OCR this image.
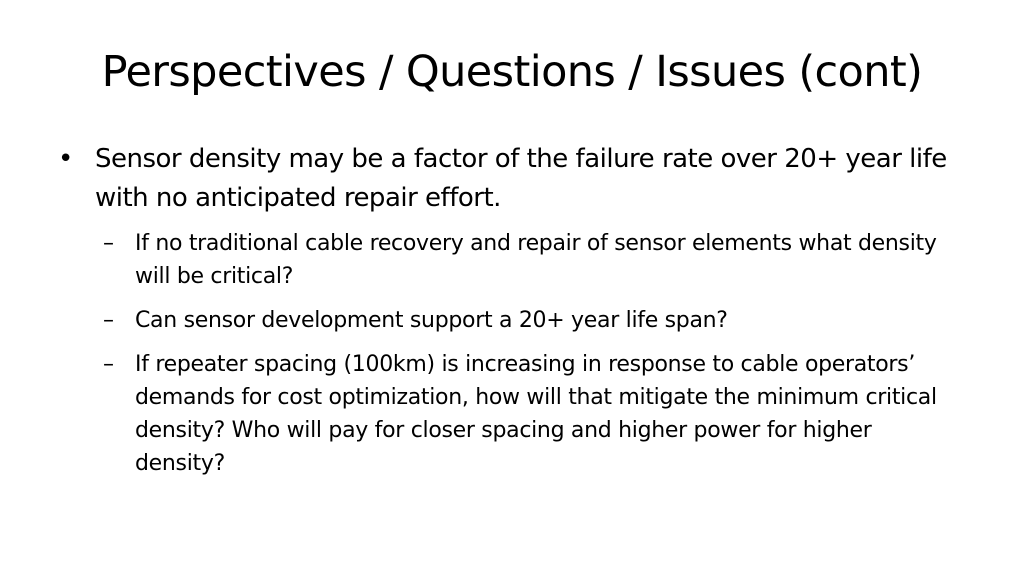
Perspectives / Questions / Issues (cont)
• Sensor density may be a factor of the failure rate over 20+ year life with no anticipated repair effort.
– If no traditional cable recovery and repair of sensor elements what density will be critical?
– Can sensor development support a 20+ year life span?
– If repeater spacing (100km) is increasing in response to cable operators’ demands for cost optimization, how will that mitigate the minimum critical density? Who will pay for closer spacing and higher power for higher density?
